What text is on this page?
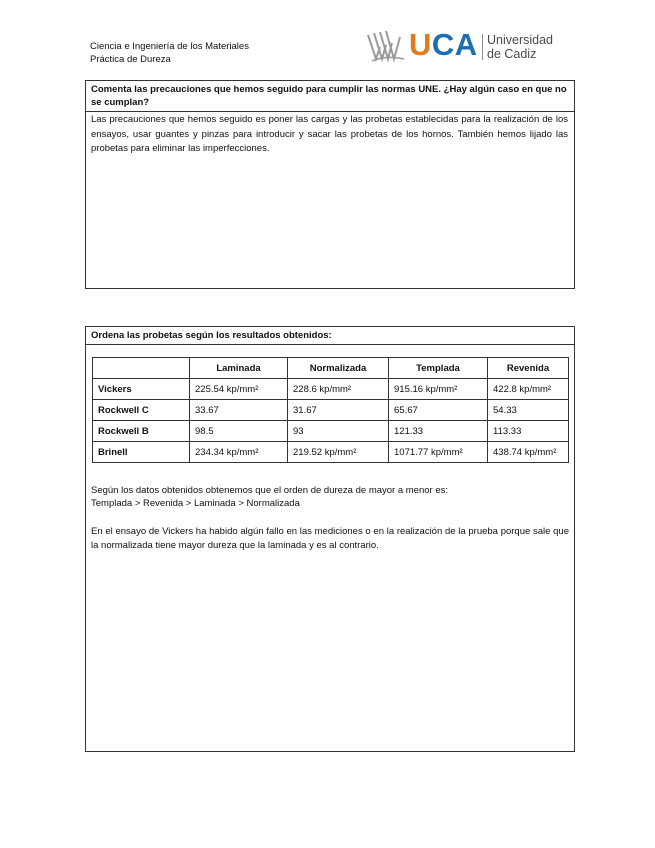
Ciencia e Ingeniería de los Materiales
Práctica de Dureza	UCA Universidad
de Cadiz
Comenta las precauciones que hemos seguido para cumplir las normas UNE. ¿Hay algún caso en que no se cumplan?
Las precauciones que hemos seguido es poner las cargas y las probetas establecidas para la realización de los ensayos, usar guantes y pinzas para introducir y sacar las probetas de los hornos. También hemos lijado las probetas para eliminar las imperfecciones.
Ordena las probetas según los resultados obtenidos:
	Laminada	Normalizada	Templada	Revenida
Vickers	225.54 kp/mm²	228.6 kp/mm²	915.16 kp/mm²	422.8 kp/mm²
Rockwell C	33.67	31.67	65.67	54.33
Rockwell B	98.5	93	121.33	113.33
Brinell	234.34 kp/mm²	219.52 kp/mm²	1071.77 kp/mm²	438.74 kp/mm²
Según los datos obtenidos obtenemos que el orden de dureza de mayor a menor es:
Templada > Revenida > Laminada > Normalizada
En el ensayo de Vickers ha habido algún fallo en las mediciones o en la realización de la prueba porque sale que la normalizada tiene mayor dureza que la laminada y es al contrario.
